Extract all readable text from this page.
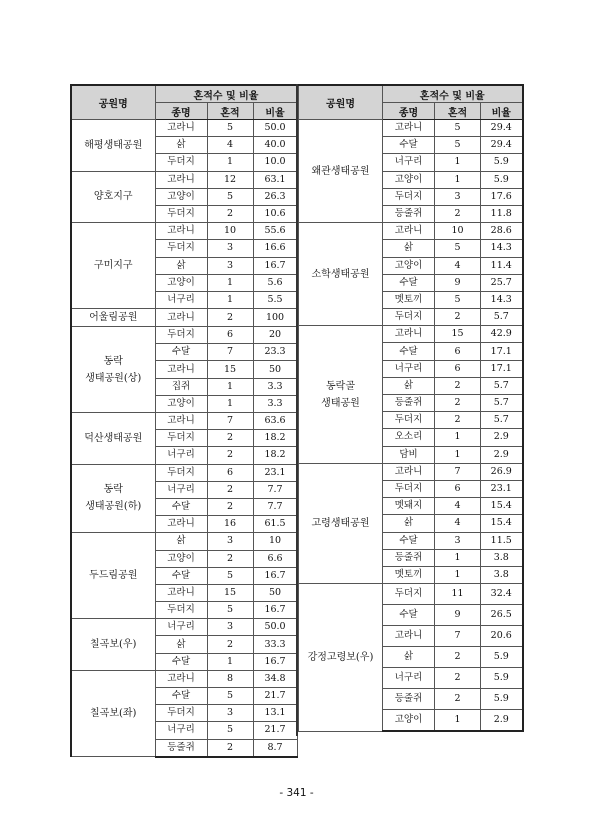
공원명	혼적수 및 비율		
	종명	혼적	비율
해평생태공원	고라니	5	50.0
	삵	4	40.0
	두더지	1	10.0
양호지구	고라니	12	63.1
	고양이	5	26.3
	두더지	2	10.6
구미지구	고라니	10	55.6
	두더지	3	16.6
	삵	3	16.7
	고양이	1	5.6
	너구리	1	5.5
어울림공원	고라니	2	100
동락
생태공원(상)	두더지	6	20
	수달	7	23.3
	고라니	15	50
	집쥐	1	3.3
	고양이	1	3.3
덕산생태공원	고라니	7	63.6
	두더지	2	18.2
	너구리	2	18.2
동락
생태공원(하)	두더지	6	23.1
	너구리	2	7.7
	수달	2	7.7
	고라니	16	61.5
두드림공원	삵	3	10
	고양이	2	6.6
	수달	5	16.7
	고라니	15	50
	두더지	5	16.7
칠곡보(우)	너구리	3	50.0
	삵	2	33.3
	수달	1	16.7
칠곡보(좌)	고라니	8	34.8
	수달	5	21.7
	두더지	3	13.1
	너구리	5	21.7
	등줄쥐	2	8.7
공원명	혼적수 및 비율		
	종명	혼적	비율
왜관생태공원	고라니	5	29.4
	수달	5	29.4
	너구리	1	5.9
	고양이	1	5.9
	두더지	3	17.6
	등줄쥐	2	11.8
소학생태공원	고라니	10	28.6
	삵	5	14.3
	고양이	4	11.4
	수달	9	25.7
	멧토끼	5	14.3
	두더지	2	5.7
동락골
생태공원	고라니	15	42.9
	수달	6	17.1
	너구리	6	17.1
	삵	2	5.7
	등줄쥐	2	5.7
	두더지	2	5.7
	오소리	1	2.9
	담비	1	2.9
고령생태공원	고라니	7	26.9
	두더지	6	23.1
	멧돼지	4	15.4
	삵	4	15.4
	수달	3	11.5
	등줄쥐	1	3.8
	멧토끼	1	3.8
강정고령보(우)	두더지	11	32.4
	수달	9	26.5
	고라니	7	20.6
	삵	2	5.9
	너구리	2	5.9
	등줄쥐	2	5.9
	고양이	1	2.9
- 341 -
